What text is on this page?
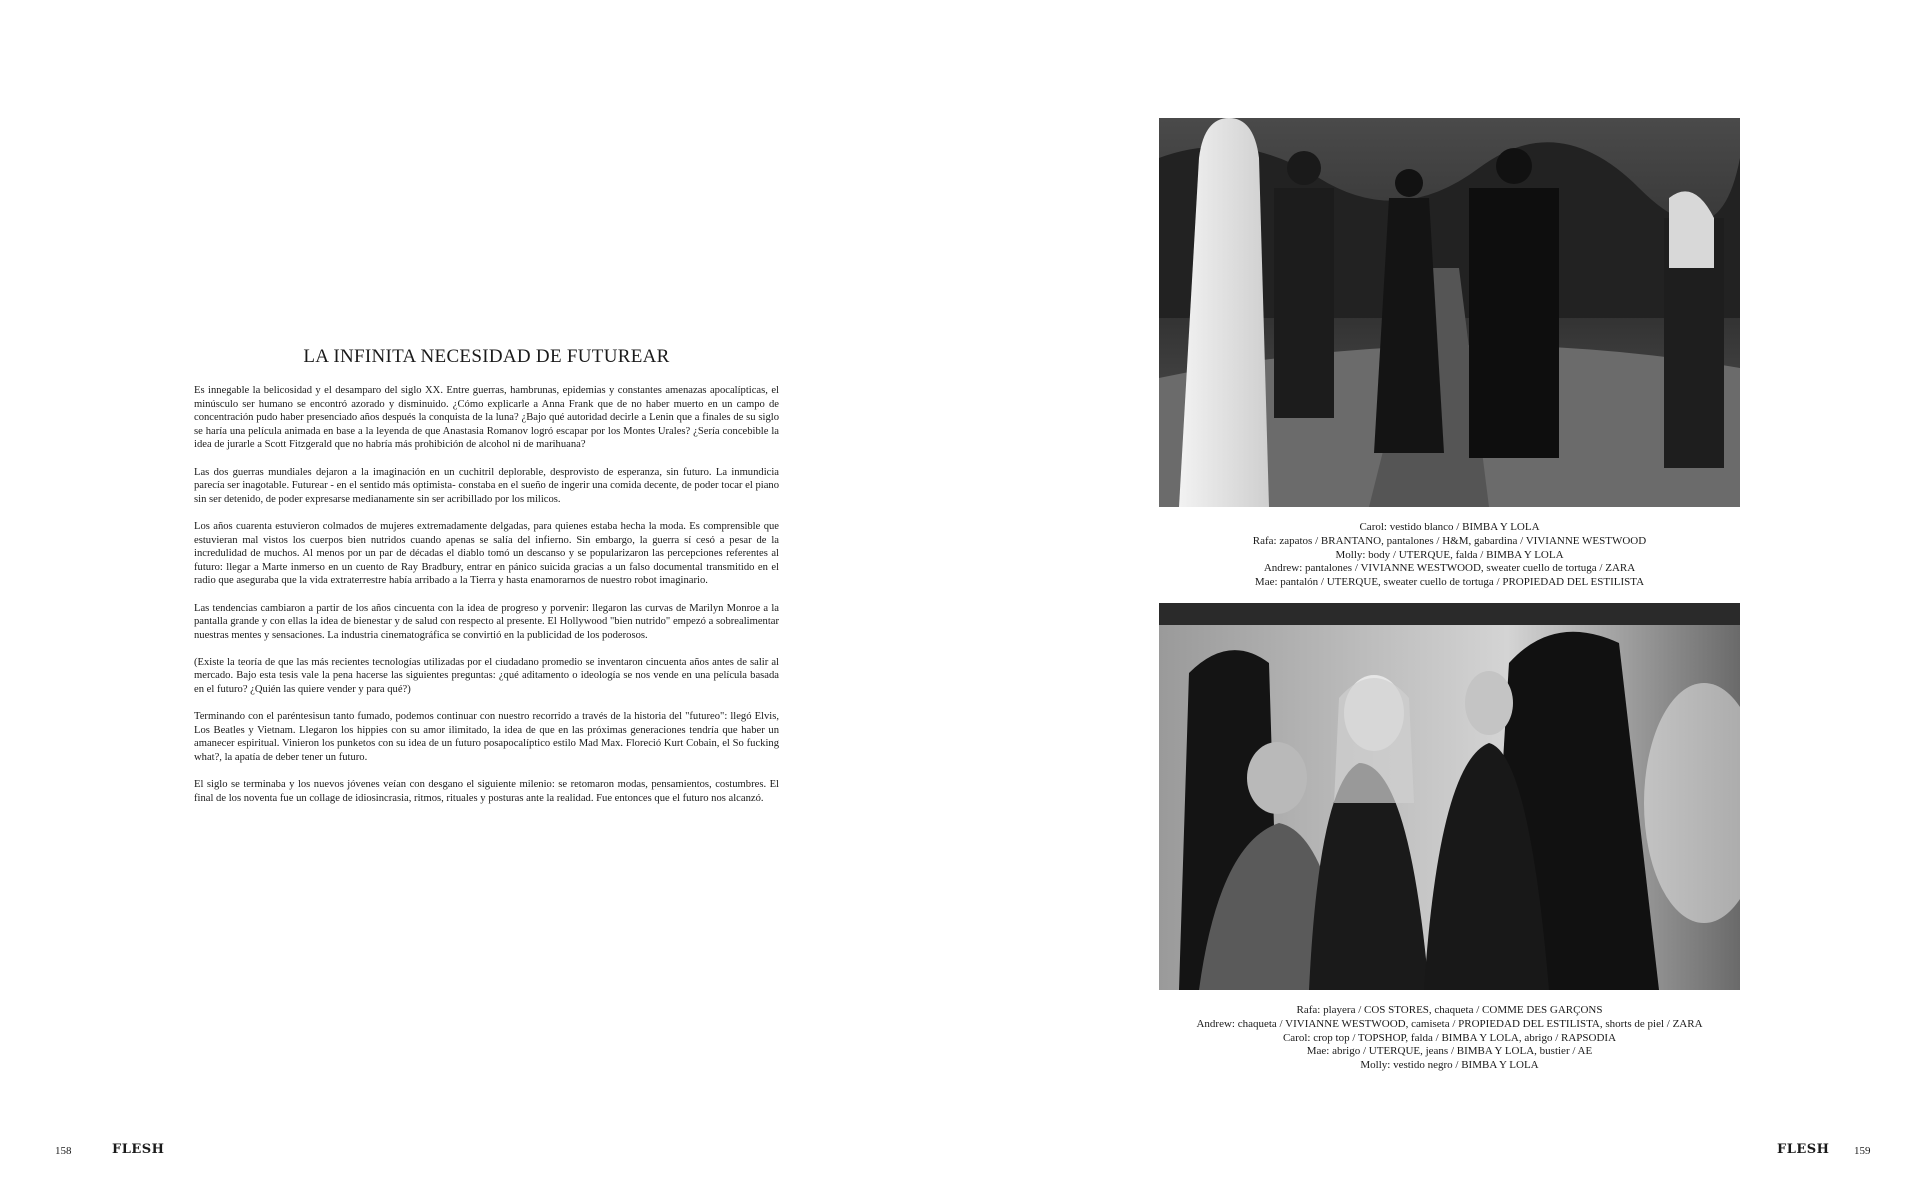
LA INFINITA NECESIDAD DE FUTUREAR

Es innegable la belicosidad y el desamparo del siglo XX. Entre guerras, hambrunas, epidemias y constantes amenazas apocalípticas, el minúsculo ser humano se encontró azorado y disminuido. ¿Cómo explicarle a Anna Frank que de no haber muerto en un campo de concentración pudo haber presenciado años después la conquista de la luna? ¿Bajo qué autoridad decirle a Lenin que a finales de su siglo se haría una película animada en base a la leyenda de que Anastasia Romanov logró escapar por los Montes Urales? ¿Sería concebible la idea de jurarle a Scott Fitzgerald que no habría más prohibición de alcohol ni de marihuana?

Las dos guerras mundiales dejaron a la imaginación en un cuchitril deplorable, desprovisto de esperanza, sin futuro. La inmundicia parecía ser inagotable. Futurear - en el sentido más optimista- constaba en el sueño de ingerir una comida decente, de poder tocar el piano sin ser detenido, de poder expresarse medianamente sin ser acribillado por los milicos.

Los años cuarenta estuvieron colmados de mujeres extremadamente delgadas, para quienes estaba hecha la moda. Es comprensible que estuvieran mal vistos los cuerpos bien nutridos cuando apenas se salía del infierno. Sin embargo, la guerra sí cesó a pesar de la incredulidad de muchos. Al menos por un par de décadas el diablo tomó un descanso y se popularizaron las percepciones referentes al futuro: llegar a Marte inmerso en un cuento de Ray Bradbury, entrar en pánico suicida gracias a un falso documental transmitido en el radio que aseguraba que la vida extraterrestre había arribado a la Tierra y hasta enamorarnos de nuestro robot imaginario.

Las tendencias cambiaron a partir de los años cincuenta con la idea de progreso y porvenir: llegaron las curvas de Marilyn Monroe a la pantalla grande y con ellas la idea de bienestar y de salud con respecto al presente. El Hollywood "bien nutrido" empezó a sobrealimentar nuestras mentes y sensaciones. La industria cinematográfica se convirtió en la publicidad de los poderosos.

(Existe la teoría de que las más recientes tecnologías utilizadas por el ciudadano promedio se inventaron cincuenta años antes de salir al mercado. Bajo esta tesis vale la pena hacerse las siguientes preguntas: ¿qué aditamento o ideología se nos vende en una película basada en el futuro? ¿Quién las quiere vender y para qué?)

Terminando con el paréntesisun tanto fumado, podemos continuar con nuestro recorrido a través de la historia del "futureo": llegó Elvis, Los Beatles y Vietnam. Llegaron los hippies con su amor ilimitado, la idea de que en las próximas generaciones tendría que haber un amanecer espiritual. Vinieron los punketos con su idea de un futuro posapocalíptico estilo Mad Max. Floreció Kurt Cobain, el So fucking what?, la apatía de deber tener un futuro.

El siglo se terminaba y los nuevos jóvenes veían con desgano el siguiente milenio: se retomaron modas, pensamientos, costumbres. El final de los noventa fue un collage de idiosincrasia, ritmos, rituales y posturas ante la realidad. Fue entonces que el futuro nos alcanzó.

Carol: vestido blanco / BIMBA Y LOLA
Rafa: zapatos / BRANTANO, pantalones / H&M, gabardina / VIVIANNE WESTWOOD
Molly: body / UTERQUE, falda / BIMBA Y LOLA
Andrew: pantalones / VIVIANNE WESTWOOD, sweater cuello de tortuga / ZARA
Mae: pantalón / UTERQUE, sweater cuello de tortuga / PROPIEDAD DEL ESTILISTA
Rafa: playera / COS STORES, chaqueta / COMME DES GARÇONS
Andrew: chaqueta / VIVIANNE WESTWOOD, camiseta / PROPIEDAD DEL ESTILISTA, shorts de piel / ZARA
Carol: crop top / TOPSHOP, falda / BIMBA Y LOLA, abrigo / RAPSODIA
Mae: abrigo / UTERQUE, jeans / BIMBA Y LOLA, bustier / AE
Molly: vestido negro / BIMBA Y LOLA
158	FLESH	FLESH 159
